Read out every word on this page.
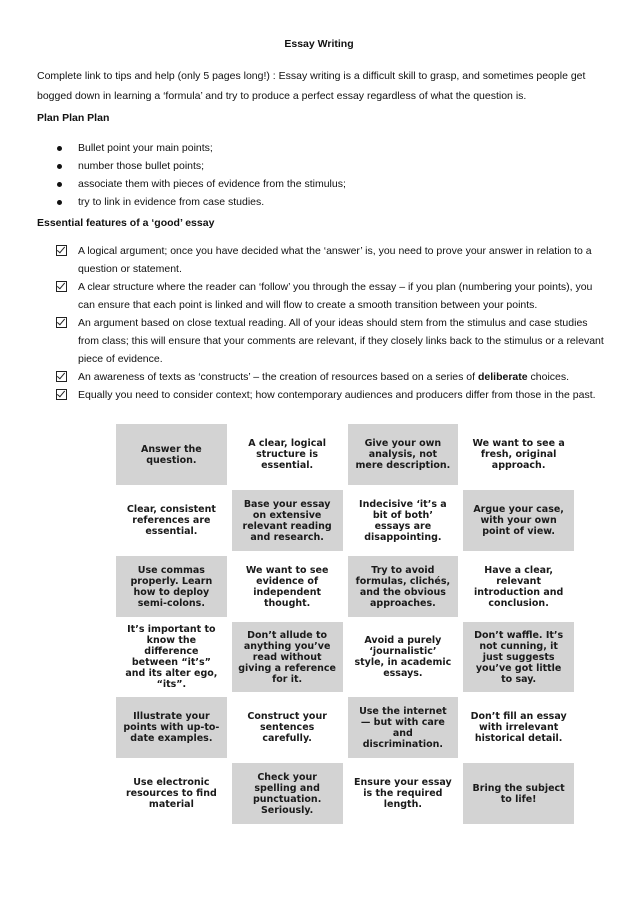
Essay Writing
Complete link to tips and help (only 5 pages long!) : Essay writing is a difficult skill to grasp, and sometimes people get bogged down in learning a ‘formula’ and try to produce a perfect essay regardless of what the question is.
Plan Plan Plan
Bullet point your main points;
number those bullet points;
associate them with pieces of evidence from the stimulus;
try to link in evidence from case studies.
Essential features of a ‘good’ essay
A logical argument; once you have decided what the ‘answer’ is, you need to prove your answer in relation to a question or statement.
A clear structure where the reader can ‘follow’ you through the essay – if you plan (numbering your points), you can ensure that each point is linked and will flow to create a smooth transition between your points.
An argument based on close textual reading. All of your ideas should stem from the stimulus and case studies from class; this will ensure that your comments are relevant, if they closely links back to the stimulus or a relevant piece of evidence.
An awareness of texts as ‘constructs’ – the creation of resources based on a series of deliberate choices.
Equally you need to consider context; how contemporary audiences and producers differ from those in the past.
Answer the question.
A clear, logical structure is essential.
Give your own analysis, not mere description.
We want to see a fresh, original approach.
Clear, consistent references are essential.
Base your essay on extensive relevant reading and research.
Indecisive ‘it’s a bit of both’ essays are disappointing.
Argue your case, with your own point of view.
Use commas properly. Learn how to deploy semi-colons.
We want to see evidence of independent thought.
Try to avoid formulas, clichés, and the obvious approaches.
Have a clear, relevant introduction and conclusion.
It’s important to know the difference between “it’s” and its alter ego, “its”.
Don’t allude to anything you’ve read without giving a reference for it.
Avoid a purely ‘journalistic’ style, in academic essays.
Don’t waffle. It’s not cunning, it just suggests you’ve got little to say.
Illustrate your points with up-to-date examples.
Construct your sentences carefully.
Use the internet — but with care and discrimination.
Don’t fill an essay with irrelevant historical detail.
Use electronic resources to find material
Check your spelling and punctuation. Seriously.
Ensure your essay is the required length.
Bring the subject to life!
